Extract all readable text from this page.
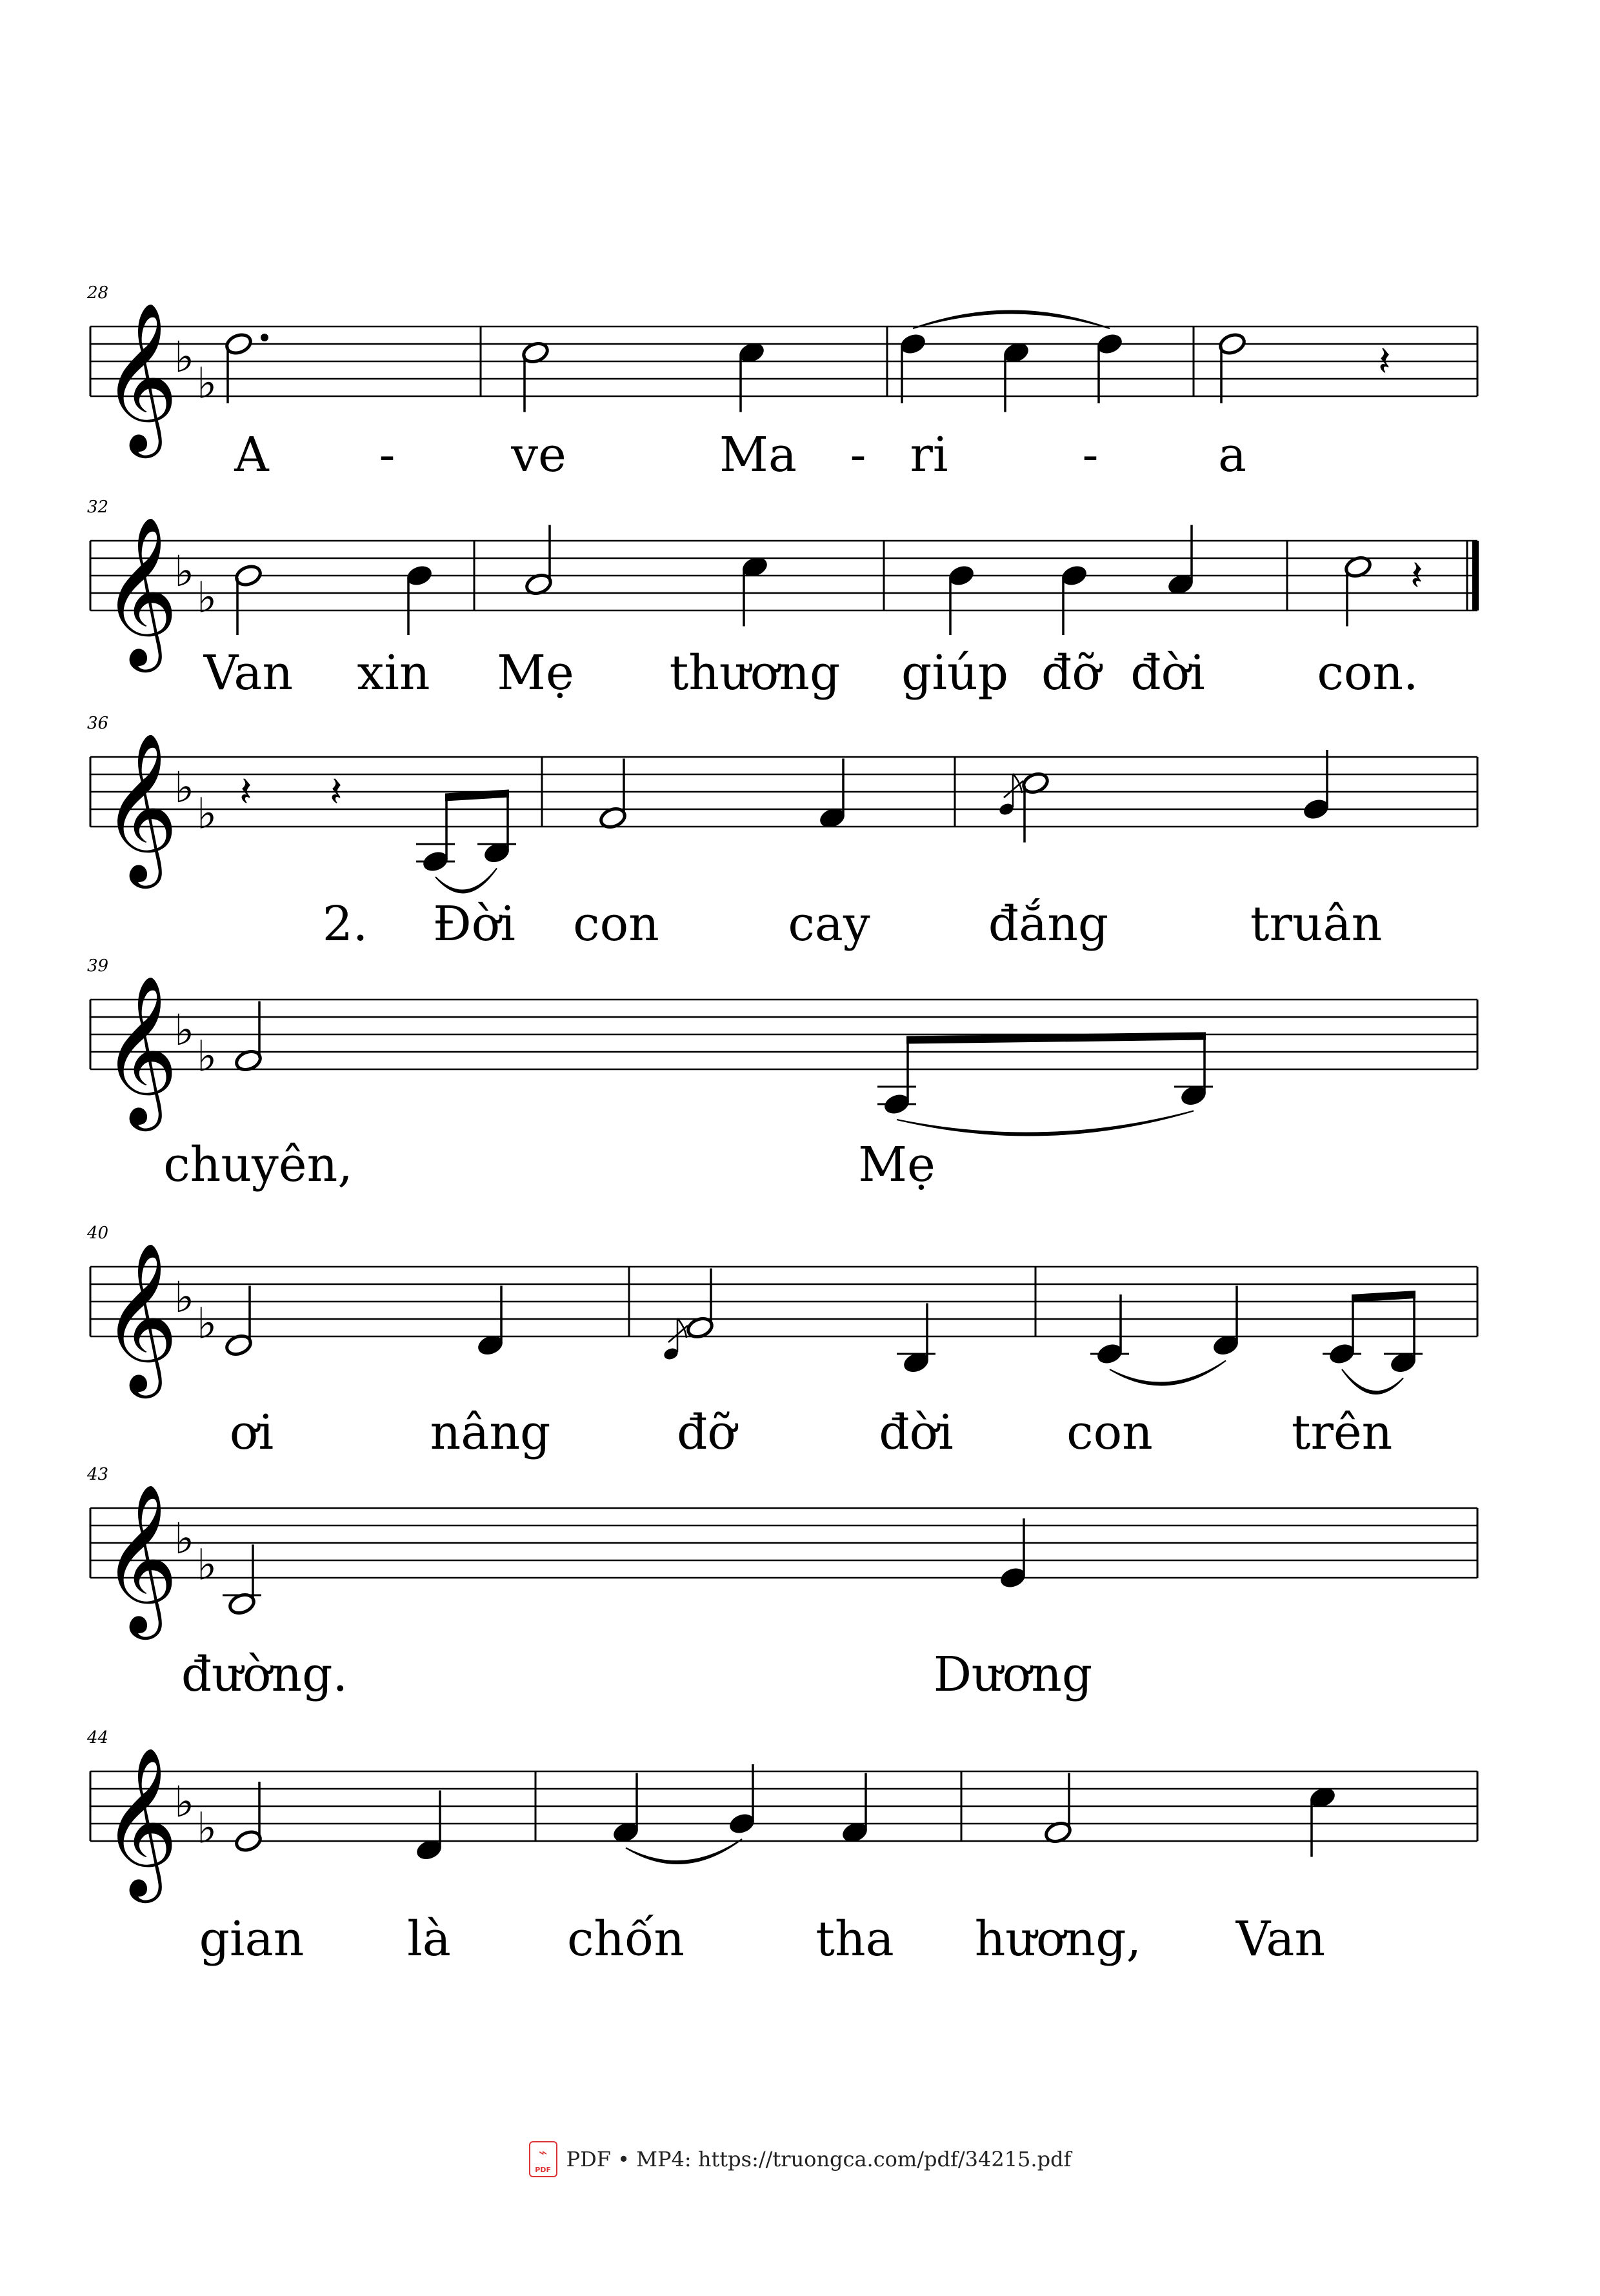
28
𝄞
♭
♭	𝄽
A - ve	Ma - ri	-	a
32
𝄞
♭
♭	𝄽
Van xin Mẹ thương giúp đỡ đời con.
36
𝄞
♭
♭ 𝄽 𝄽
2. Đời con	cay đắng	truân
39
𝄞
♭
♭
chuyên,	Mẹ
40
𝄞
♭
♭
ơi	nâng	đỡ	đời con	trên
43
𝄞
♭
♭
đường.	Dương
44
𝄞
♭
♭
gian là chốn	tha hương, Van
⌁ PDF PDF • MP4: https://truongca.com/pdf/34215.pdf
